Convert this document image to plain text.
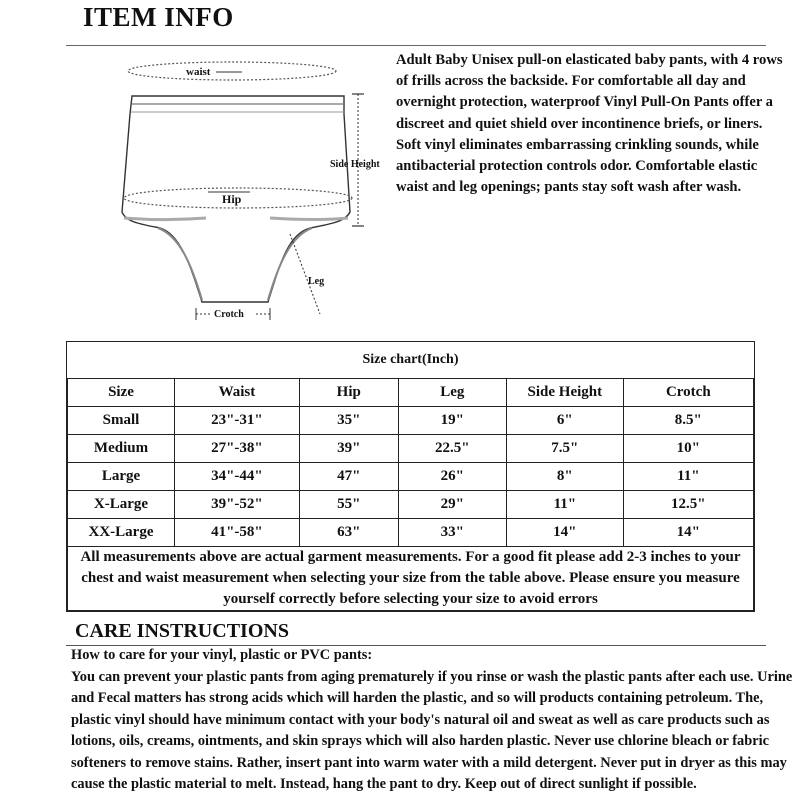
ITEM INFO
waist
Hip
Side Height
Leg
Crotch
Adult Baby Unisex pull-on elasticated baby pants, with 4 rows of frills across the backside. For comfortable all day and overnight protection, waterproof Vinyl Pull-On Pants offer a discreet and quiet shield over incontinence briefs, or liners. Soft vinyl eliminates embarrassing crinkling sounds, while antibacterial protection controls odor. Comfortable elastic waist and leg openings; pants stay soft wash after wash.
Size chart(Inch)					
Size	Waist	Hip	Leg	Side Height	Crotch
Small	23"-31"	35"	19"	6"	8.5"
Medium	27"-38"	39"	22.5"	7.5"	10"
Large	34"-44"	47"	26"	8"	11"
X-Large	39"-52"	55"	29"	11"	12.5"
XX-Large	41"-58"	63"	33"	14"	14"
All measurements above are actual garment measurements. For a good fit please add 2-3 inches to your chest and waist measurement when selecting your size from the table above. Please ensure you measure yourself correctly before selecting your size to avoid errors					
CARE INSTRUCTIONS
How to care for your vinyl, plastic or PVC pants:
You can prevent your plastic pants from aging prematurely if you rinse or wash the plastic pants after each use. Urine and Fecal matters has strong acids which will harden the plastic, and so will products containing petroleum. The, plastic vinyl should have minimum contact with your body's natural oil and sweat as well as care products such as lotions, oils, creams, ointments, and skin sprays which will also harden plastic. Never use chlorine bleach or fabric softeners to remove stains. Rather, insert pant into warm water with a mild detergent. Never put in dryer as this may cause the plastic material to melt. Instead, hang the pant to dry. Keep out of direct sunlight if possible.
